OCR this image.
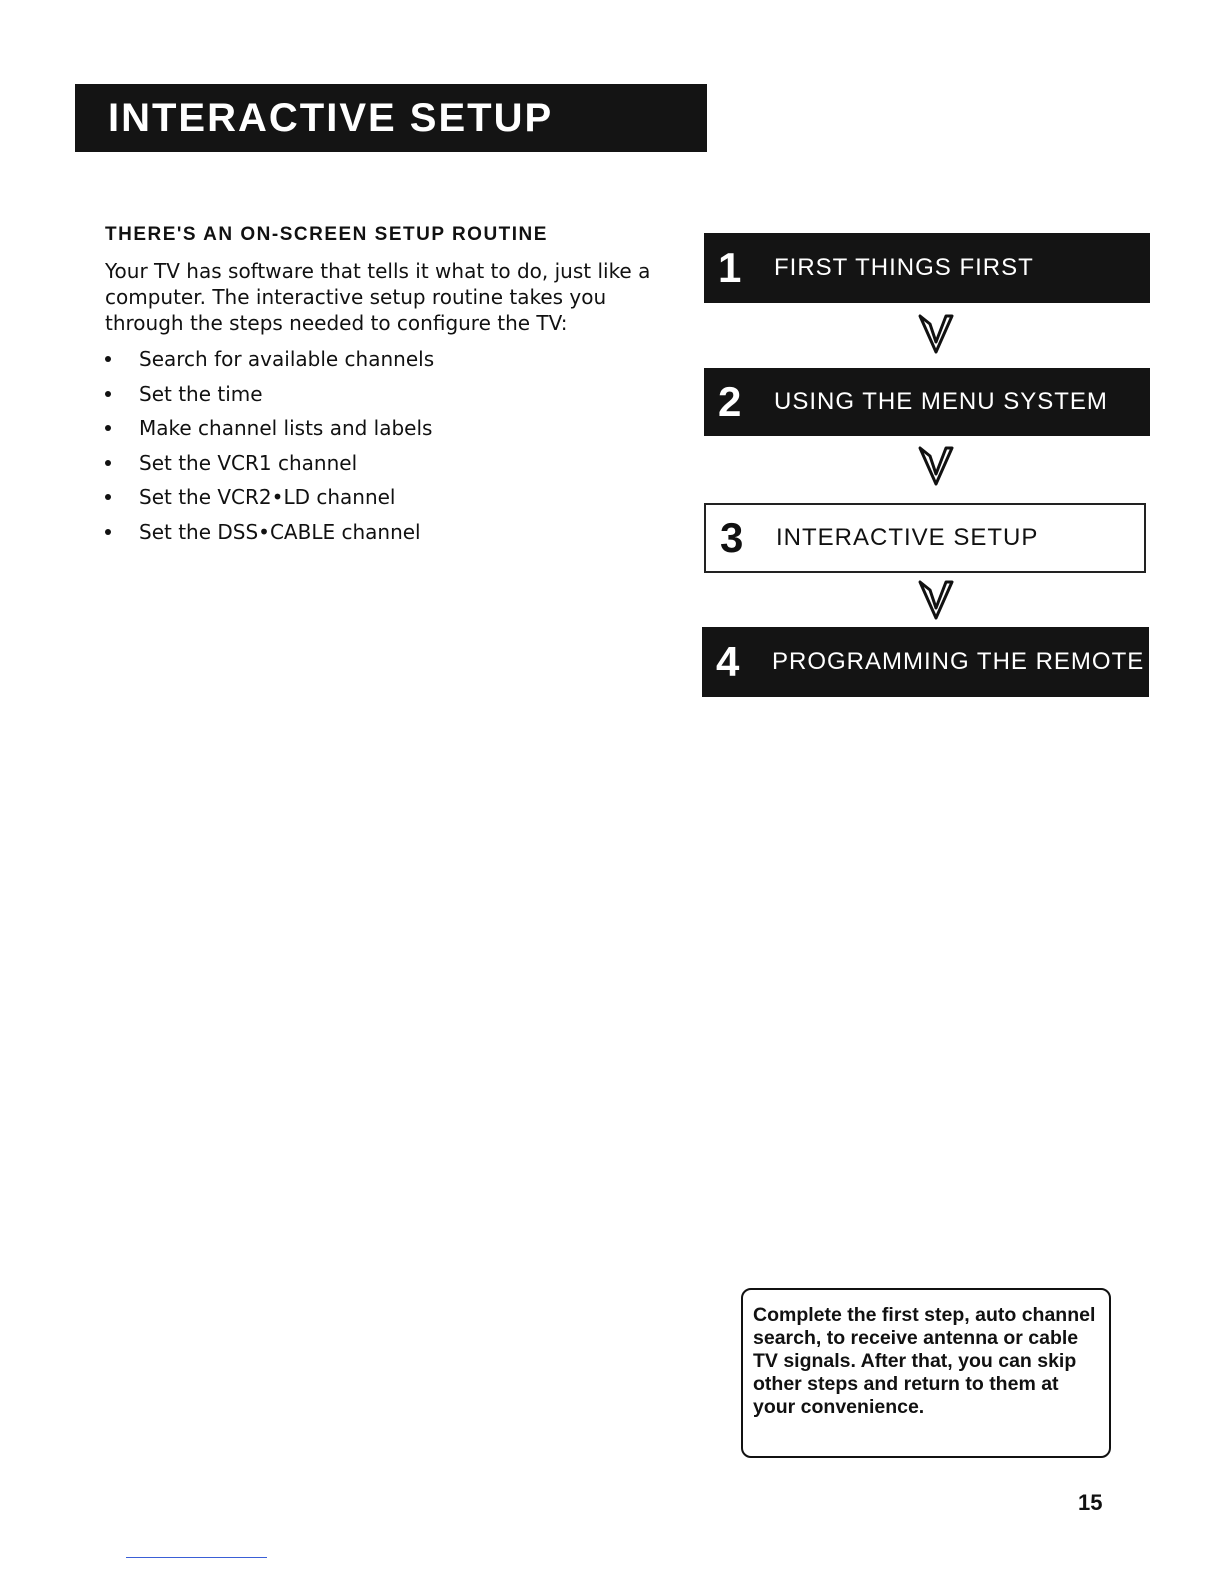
INTERACTIVE SETUP
THERE'S AN ON-SCREEN SETUP ROUTINE

Your TV has software that tells it what to do, just like a computer. The interactive setup routine takes you through the steps needed to configure the TV:

Search for available channels
Set the time
Make channel lists and labels
Set the VCR1 channel
Set the VCR2•LD channel
Set the DSS•CABLE channel
1 FIRST THINGS FIRST
2 USING THE MENU SYSTEM
3 INTERACTIVE SETUP
4 PROGRAMMING THE REMOTE

Complete the first step, auto channel search, to receive antenna or cable TV signals. After that, you can skip other steps and return to them at your convenience.

15
